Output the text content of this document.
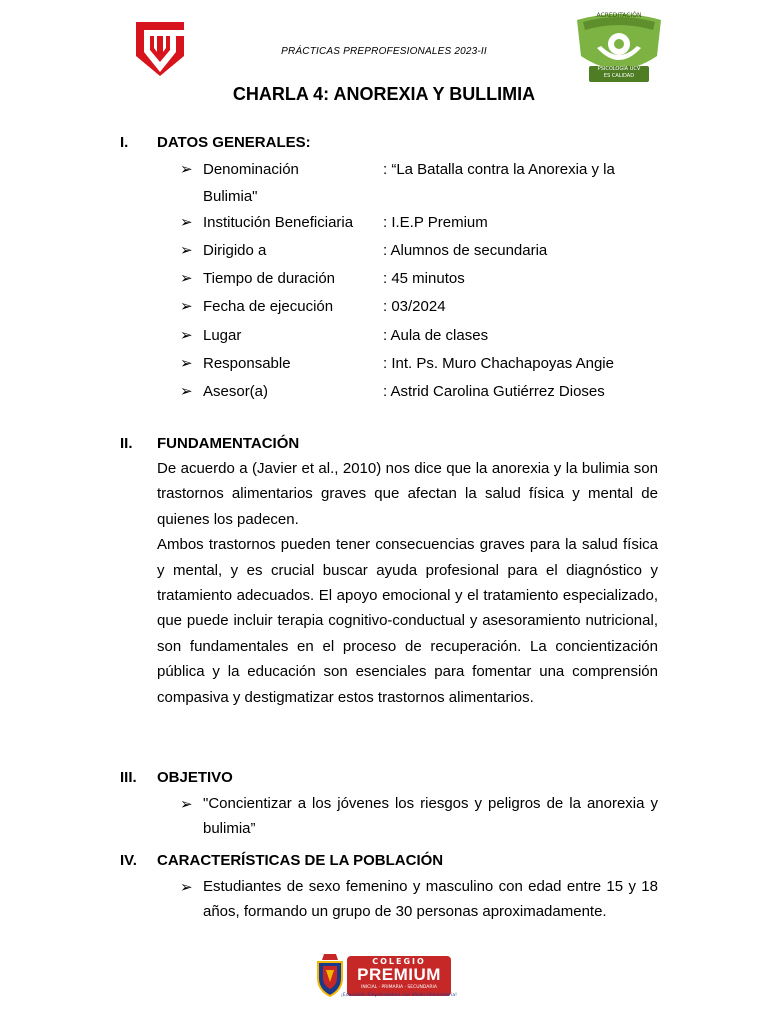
ACREDITACIÓN
PSICOLOGÍA UCV
ES CALIDAD
PRÁCTICAS PREPROFESIONALES 2023-II
CHARLA 4: ANOREXIA Y BULLIMIA
I. DATOS GENERALES:
➢ Denominación	: “La Batalla contra la Anorexia y la
Bulimia"
➢ Institución Beneficiaria : I.E.P Premium
➢ Dirigido a	: Alumnos de secundaria
➢ Tiempo de duración	: 45 minutos
➢ Fecha de ejecución	: 03/2024
➢ Lugar	: Aula de clases
➢ Responsable	: Int. Ps. Muro Chachapoyas Angie
➢ Asesor(a)	: Astrid Carolina Gutiérrez Dioses
II. FUNDAMENTACIÓN

De acuerdo a (Javier et al., 2010) nos dice que la anorexia y la bulimia son trastornos alimentarios graves que afectan la salud física y mental de quienes los padecen.

Ambos trastornos pueden tener consecuencias graves para la salud física y mental, y es crucial buscar ayuda profesional para el diagnóstico y tratamiento adecuados. El apoyo emocional y el tratamiento especializado, que puede incluir terapia cognitivo-conductual y asesoramiento nutricional, son fundamentales en el proceso de recuperación. La concientización pública y la educación son esenciales para fomentar una comprensión compasiva y destigmatizar estos trastornos alimentarios.

III. OBJETIVO
➢ "Concientizar a los jóvenes los riesgos y peligros de la anorexia y bulimia”
IV. CARACTERÍSTICAS DE LA POBLACIÓN
➢ Estudiantes de sexo femenino y masculino con edad entre 15 y 18 años, formando un grupo de 30 personas aproximadamente.
COLEGIO
PREMIUM
INICIAL · PRIMARIA · SECUNDARIA
¡Educación Emprendedora con Visión Universitaria!
